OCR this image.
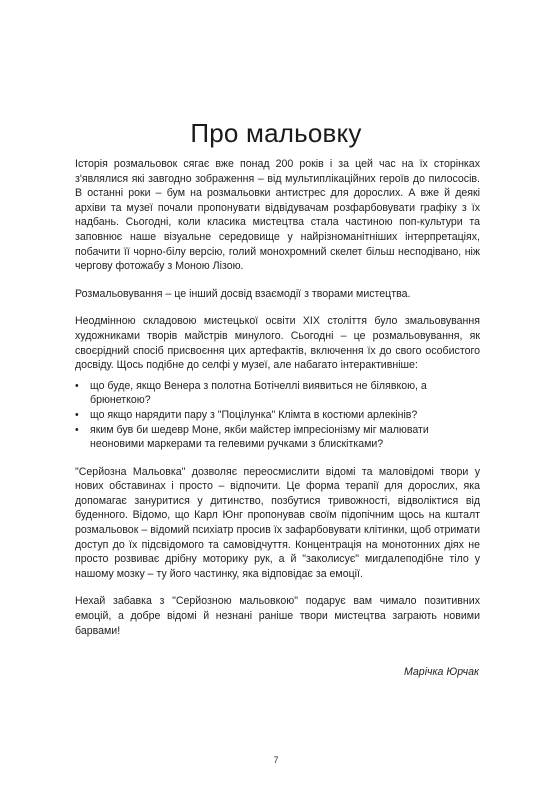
Про мальовку

Історія розмальовок сягає вже понад 200 років і за цей час на їх сторінках з'являлися які завгодно зображення – від мультиплікаційних героїв до пилососів. В останні роки – бум на розмальовки антистрес для дорослих. А вже й деякі архіви та музеї почали пропонувати відвідувачам розфарбовувати графіку з їх надбань. Сьогодні, коли класика мистецтва стала частиною поп-культури та заповнює наше візуальне середовище у найрізноманітніших інтерпретаціях, побачити її чорно-білу версію, голий монохромний скелет більш несподівано, ніж чергову фотожабу з Моною Лізою.

Розмальовування – це інший досвід взаємодії з творами мистецтва.

Неодмінною складовою мистецької освіти XIX століття було змальовування художниками творів майстрів минулого. Сьогодні – це розмальовування, як своєрідний спосіб присвоєння цих артефактів, включення їх до свого особистого досвіду. Щось подібне до селфі у музеї, але набагато інтерактивніше:

• що буде, якщо Венера з полотна Ботічеллі виявиться не білявкою, а брюнеткою?
• що якщо нарядити пару з "Поцілунка" Клімта в костюми арлекінів?
• яким був би шедевр Моне, якби майстер імпресіонізму міг малювати неоновими маркерами та гелевими ручками з блискітками?

"Серйозна Мальовка" дозволяє переосмислити відомі та маловідомі твори у нових обставинах і просто – відпочити. Це форма терапії для дорослих, яка допомагає зануритися у дитинство, позбутися тривожності, відволіктися від буденного. Відомо, що Карл Юнг пропонував своїм підопічним щось на кшталт розмальовок – відомий психіатр просив їх зафарбовувати клітинки, щоб отримати доступ до їх підсвідомого та самовідчуття. Концентрація на монотонних діях не просто розвиває дрібну моторику рук, а й "заколисує" мигдалеподібне тіло у нашому мозку – ту його частинку, яка відповідає за емоції.

Нехай забавка з "Серйозною мальовкою" подарує вам чимало позитивних емоцій, а добре відомі й незнані раніше твори мистецтва заграють новими барвами!

Марічка Юрчак

7
